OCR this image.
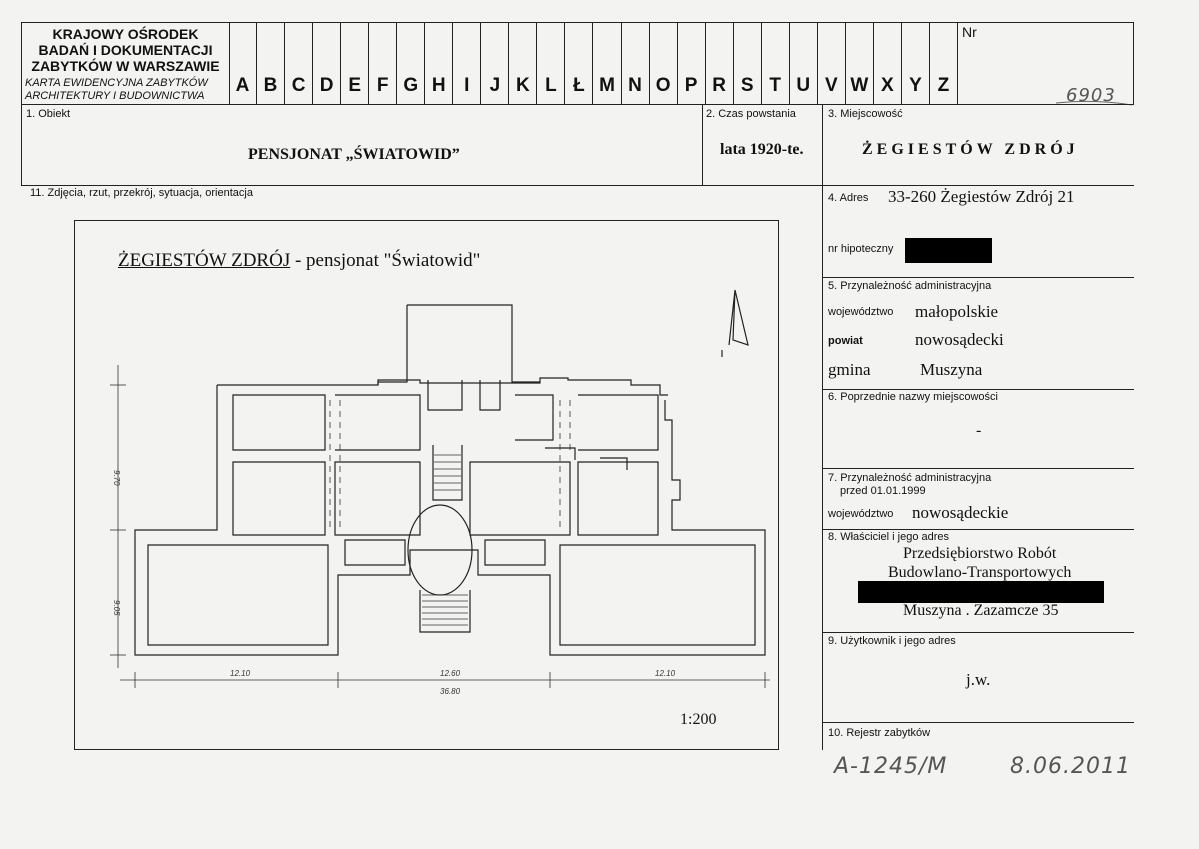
KRAJOWY OŚRODEK
BADAŃ I DOKUMENTACJI
ZABYTKÓW W WARSZAWIE
KARTA EWIDENCYJNA ZABYTKÓW
ARCHITEKTURY I BUDOWNICTWA	A B C D E F G H I	J K L Ł M N O P R S T U V W X Y Z
Nr
6903
1. Obiekt
PENSJONAT „ŚWIATOWID”
2. Czas powstania
lata 1920-te.
3. Miejscowość
ŻEGIESTÓW ZDRÓJ
11. Zdjęcia, rzut, przekrój, sytuacja, orientacja
ŻEGIESTÓW ZDRÓJ - pensjonat "Światowid"
1:200
12.10	12.60	12.10
36.80
9.70
9.05
4. Adres 33-260 Żegiestów Zdrój 21
nr hipoteczny
5. Przynależność administracyjna
województwo małopolskie
powiat	nowosądecki
gmina	Muszyna
6. Poprzednie nazwy miejscowości
-
7. Przynależność administracyjna
przed 01.01.1999
województwo nowosądeckie
8. Właściciel i jego adres
Przedsiębiorstwo Robót
Budowlano-Transportowych
Muszyna . Zazamcze 35
9. Użytkownik i jego adres
j.w.
10. Rejestr zabytków
A-1245/M	8.06.2011
